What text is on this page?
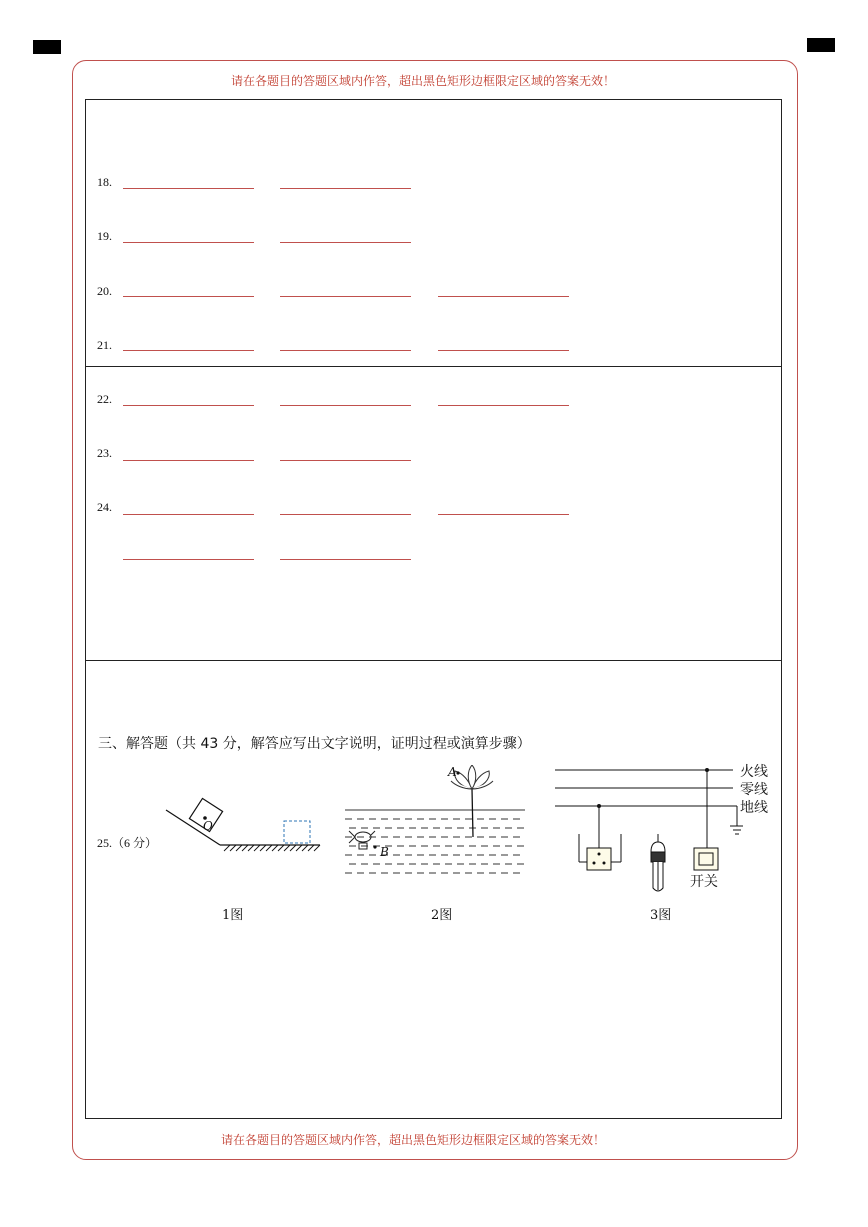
请在各题目的答题区域内作答，超出黑色矩形边框限定区域的答案无效！
18.
19.
20.
21.
22.
23.
24.
三、解答题（共 43 分，解答应写出文字说明，证明过程或演算步骤）
25.（6 分）
O
A
B
火线
零线
地线
开关
1图	2图	3图
请在各题目的答题区域内作答，超出黑色矩形边框限定区域的答案无效！
